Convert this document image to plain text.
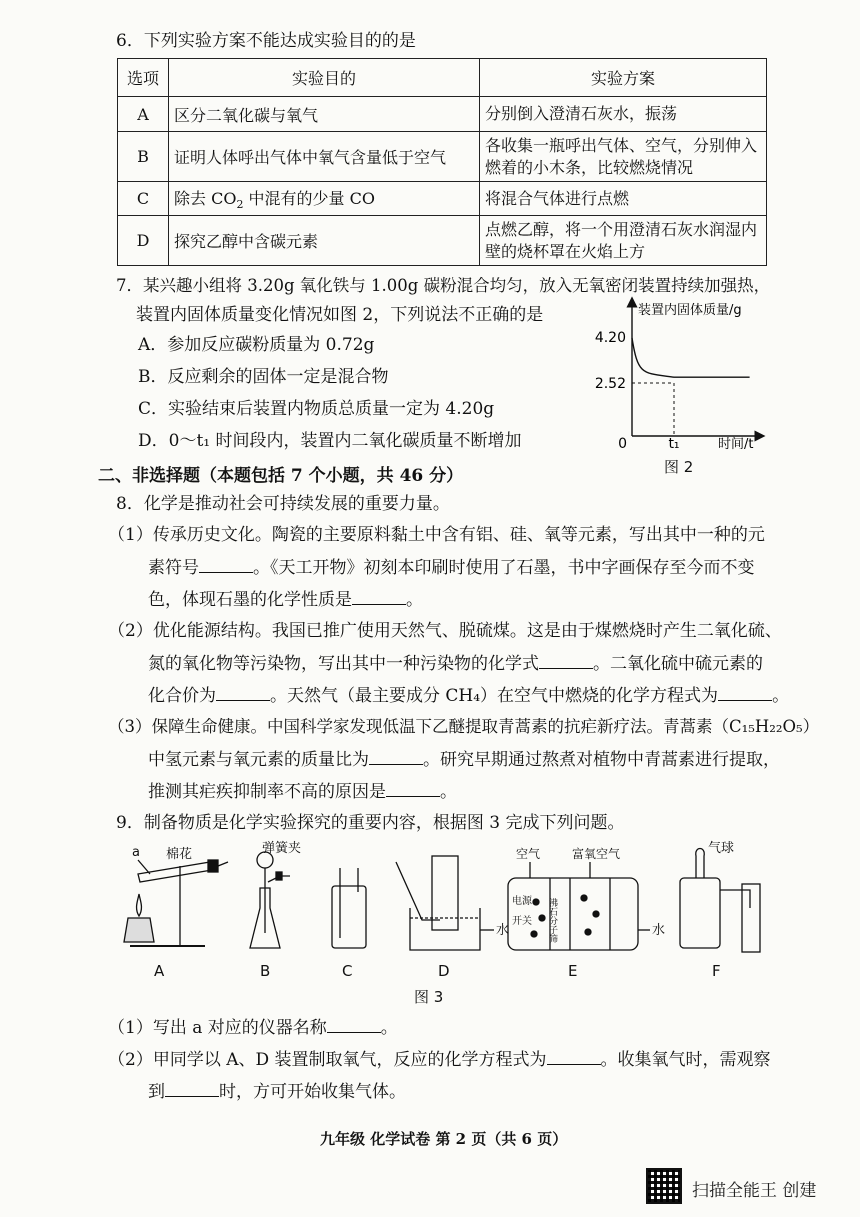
6．下列实验方案不能达成实验目的的是
选项	实验目的	实验方案
A	区分二氧化碳与氧气	分别倒入澄清石灰水，振荡
B	证明人体呼出气体中氧气含量低于空气	各收集一瓶呼出气体、空气，分别伸入燃着的小木条，比较燃烧情况
C	除去 $CO_2$ 中混有的少量 CO	将混合气体进行点燃
D	探究乙醇中含碳元素	点燃乙醇，将一个用澄清石灰水润湿内壁的烧杯罩在火焰上方
7．某兴趣小组将 3.20g 氧化铁与 1.00g 碳粉混合均匀，放入无氧密闭装置持续加强热，
装置内固体质量变化情况如图 2，下列说法不正确的是
A．参加反应碳粉质量为 0.72g
B．反应剩余的固体一定是混合物
C．实验结束后装置内物质总质量一定为 4.20g
D．0～t₁ 时间段内，装置内二氧化碳质量不断增加
装置内固体质量/g
4.20
2.52
0	t₁	时间/t
图 2
二、非选择题（本题包括 7 个小题，共 46 分）
8．化学是推动社会可持续发展的重要力量。
（1）传承历史文化。陶瓷的主要原料黏土中含有铝、硅、氧等元素，写出其中一种的元
素符号	。《天工开物》初刻本印刷时使用了石墨，书中字画保存至今而不变
色，体现石墨的化学性质是	。
（2）优化能源结构。我国已推广使用天然气、脱硫煤。这是由于煤燃烧时产生二氧化硫、
氮的氧化物等污染物，写出其中一种污染物的化学式	。二氧化硫中硫元素的
化合价为	。天然气（最主要成分 CH₄）在空气中燃烧的化学方程式为	。
（3）保障生命健康。中国科学家发现低温下乙醚提取青蒿素的抗疟新疗法。青蒿素（C₁₅H₂₂O₅）
中氢元素与氧元素的质量比为	。研究早期通过熬煮对植物中青蒿素进行提取，
推测其疟疾抑制率不高的原因是	。
9．制备物质是化学实验探究的重要内容，根据图 3 完成下列问题。
a 棉花	弹簧夹
水
空气	富氧空气
电源
开关 沸石分子筛	水
气球
A	B	C	D	E	F
图 3
（1）写出 a 对应的仪器名称	。
（2）甲同学以 A、D 装置制取氧气，反应的化学方程式为	。收集氧气时，需观察
到	时，方可开始收集气体。
九年级 化学试卷 第 2 页（共 6 页）
扫描全能王 创建
